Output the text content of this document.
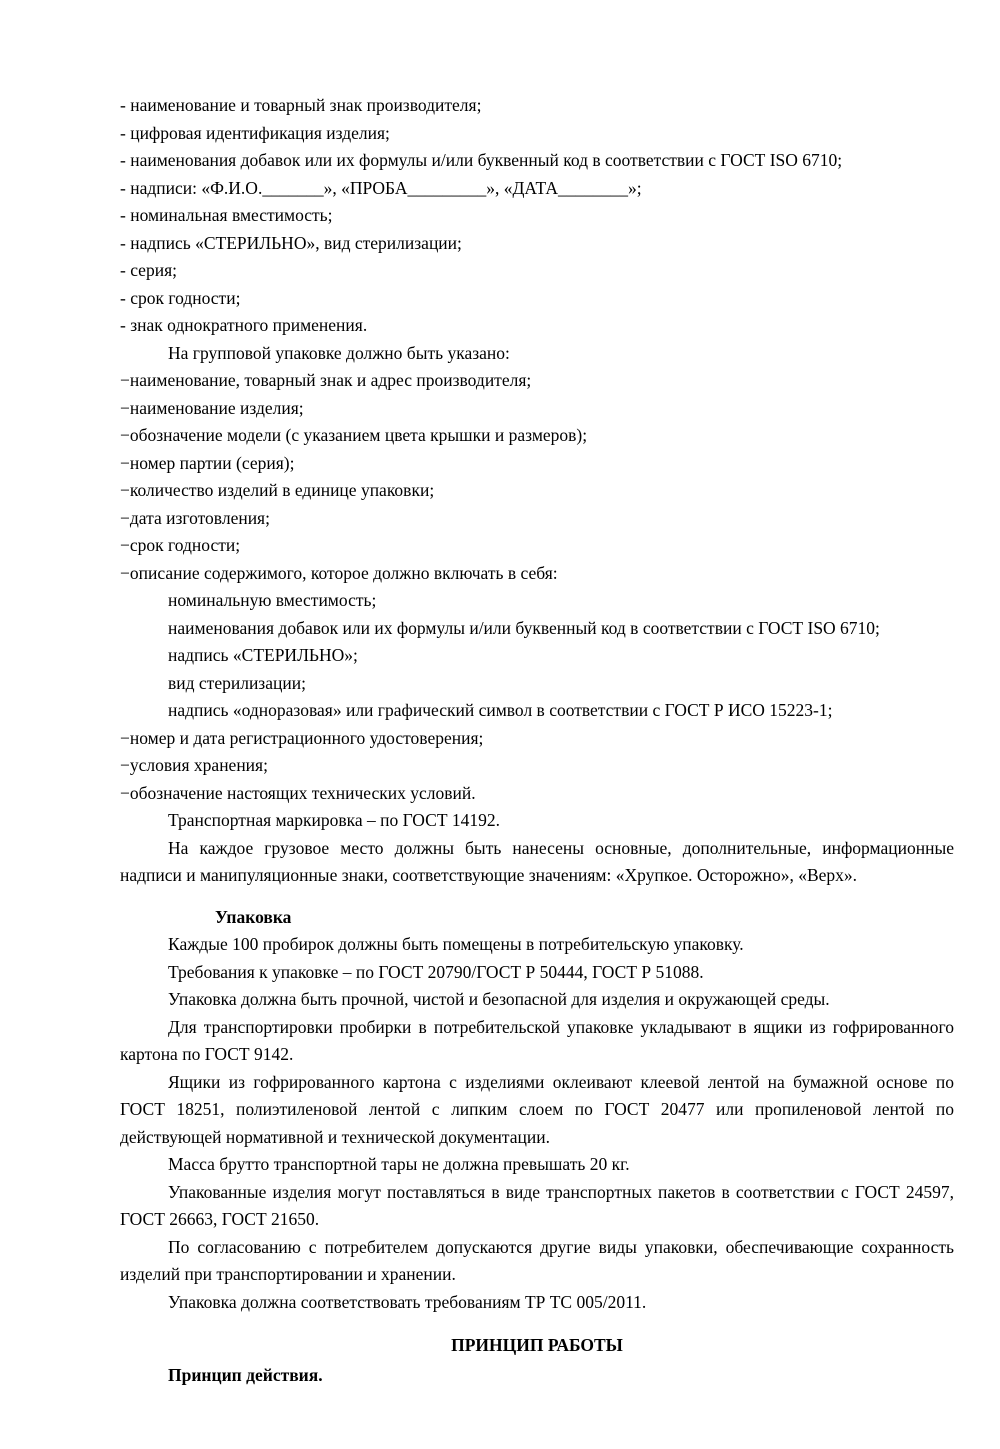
- наименование и товарный знак производителя;
- цифровая идентификация изделия;
- наименования добавок или их формулы и/или буквенный код в соответствии с ГОСТ ISO 6710;
- надписи: «Ф.И.О._______», «ПРОБА_________», «ДАТА________»;
- номинальная вместимость;
- надпись «СТЕРИЛЬНО», вид стерилизации;
- серия;
- срок годности;
- знак однократного применения.
На групповой упаковке должно быть указано:
−наименование, товарный знак и адрес производителя;
−наименование изделия;
−обозначение модели (с указанием цвета крышки и размеров);
−номер партии (серия);
−количество изделий в единице упаковки;
−дата изготовления;
−срок годности;
−описание содержимого, которое должно включать в себя:
номинальную вместимость;
наименования добавок или их формулы и/или буквенный код в соответствии с ГОСТ ISO 6710;
надпись «СТЕРИЛЬНО»;
вид стерилизации;
надпись «одноразовая» или графический символ в соответствии с ГОСТ Р ИСО 15223-1;
−номер и дата регистрационного удостоверения;
−условия хранения;
−обозначение настоящих технических условий.
Транспортная маркировка – по ГОСТ 14192.
На каждое грузовое место должны быть нанесены основные, дополнительные, информационные надписи и манипуляционные знаки, соответствующие значениям: «Хрупкое. Осторожно», «Верх».
Упаковка
Каждые 100 пробирок должны быть помещены в потребительскую упаковку.
Требования к упаковке – по ГОСТ 20790/ГОСТ Р 50444, ГОСТ Р 51088.
Упаковка должна быть прочной, чистой и безопасной для изделия и окружающей среды.
Для транспортировки пробирки в потребительской упаковке укладывают в ящики из гофрированного картона по ГОСТ 9142.
Ящики из гофрированного картона с изделиями оклеивают клеевой лентой на бумажной основе по ГОСТ 18251, полиэтиленовой лентой с липким слоем по ГОСТ 20477 или пропиленовой лентой по действующей нормативной и технической документации.
Масса брутто транспортной тары не должна превышать 20 кг.
Упакованные изделия могут поставляться в виде транспортных пакетов в соответствии с ГОСТ 24597, ГОСТ 26663, ГОСТ 21650.
По согласованию с потребителем допускаются другие виды упаковки, обеспечивающие сохранность изделий при транспортировании и хранении.
Упаковка должна соответствовать требованиям ТР ТС 005/2011.
ПРИНЦИП РАБОТЫ
Принцип действия.
